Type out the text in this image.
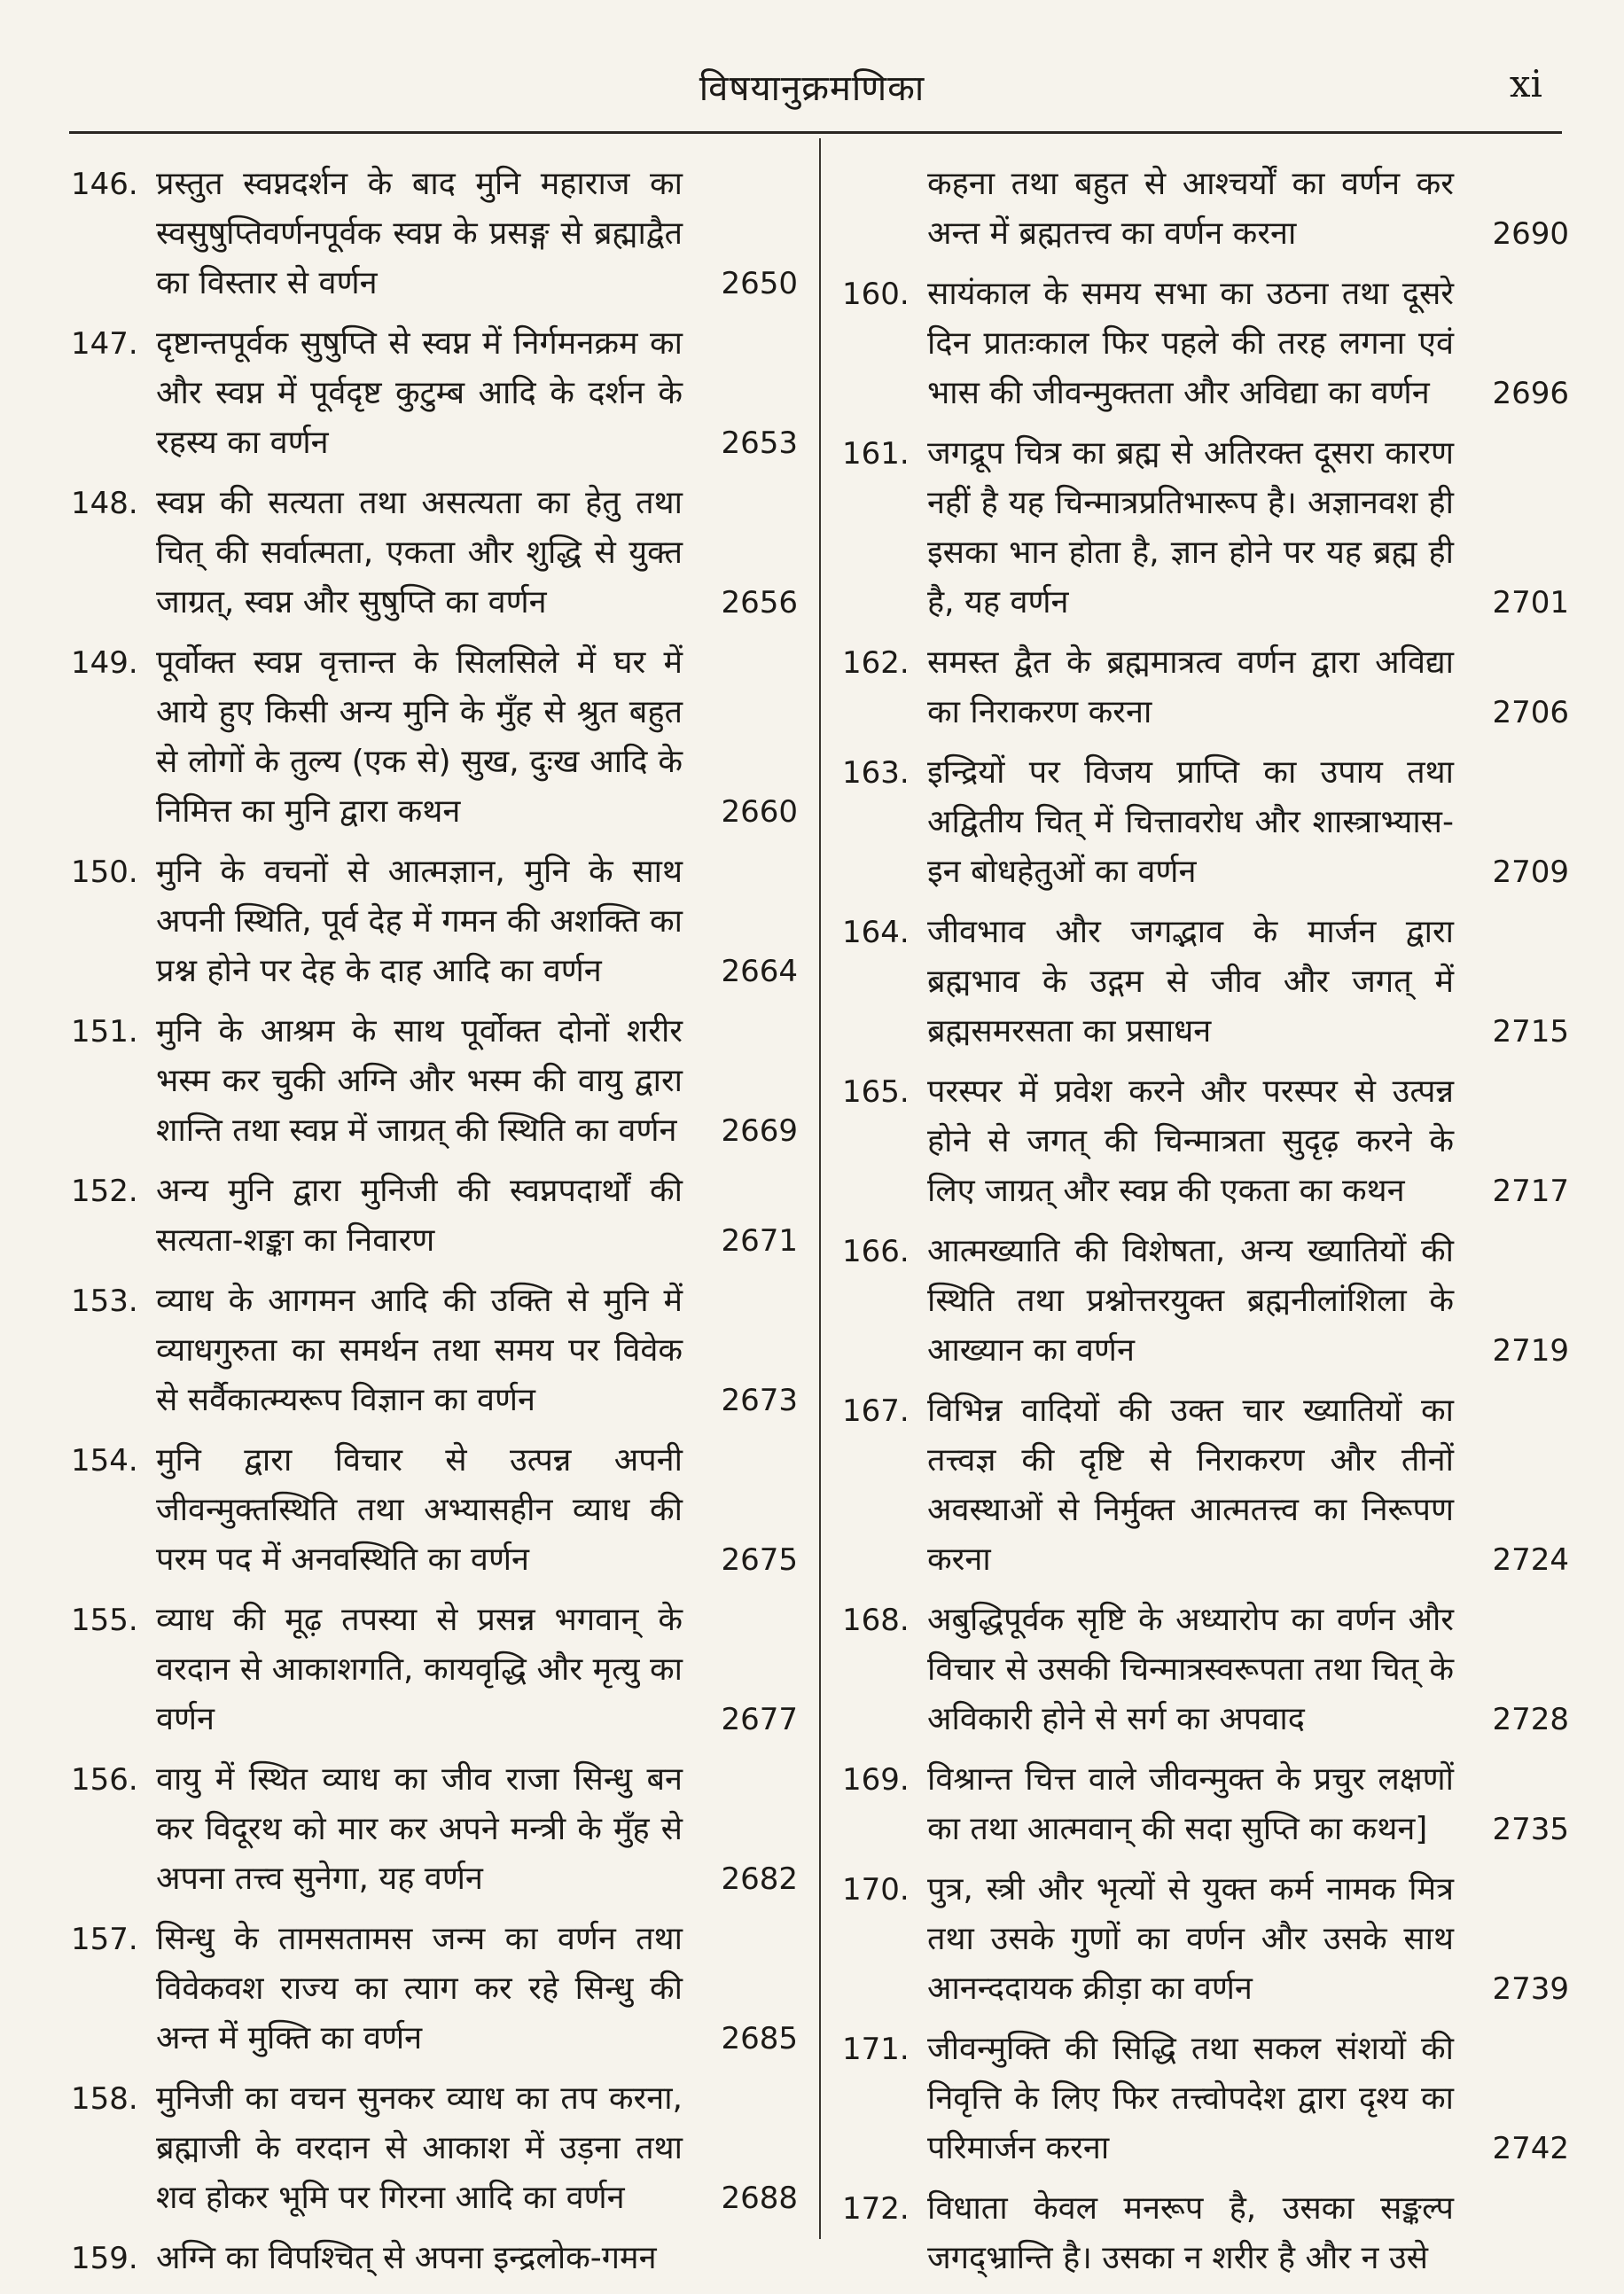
विषयानुक्रमणिका	xi
146. प्रस्तुत स्वप्नदर्शन के बाद मुनि महाराज का स्वसुषुप्तिवर्णनपूर्वक स्वप्न के प्रसङ्ग से ब्रह्माद्वैत का विस्तार से वर्णन	2650
147. दृष्टान्तपूर्वक सुषुप्ति से स्वप्न में निर्गमनक्रम का और स्वप्न में पूर्वदृष्ट कुटुम्ब आदि के दर्शन के रहस्य का वर्णन	2653
148. स्वप्न की सत्यता तथा असत्यता का हेतु तथा चित् की सर्वात्मता, एकता और शुद्धि से युक्त जाग्रत्, स्वप्न और सुषुप्ति का वर्णन	2656
149. पूर्वोक्त स्वप्न वृत्तान्त के सिलसिले में घर में आये हुए किसी अन्य मुनि के मुँह से श्रुत बहुत से लोगों के तुल्य (एक से) सुख, दुःख आदि के निमित्त का मुनि द्वारा कथन	2660
150. मुनि के वचनों से आत्मज्ञान, मुनि के साथ अपनी स्थिति, पूर्व देह में गमन की अशक्ति का प्रश्न होने पर देह के दाह आदि का वर्णन	2664
151. मुनि के आश्रम के साथ पूर्वोक्त दोनों शरीर भस्म कर चुकी अग्नि और भस्म की वायु द्वारा शान्ति तथा स्वप्न में जाग्रत् की स्थिति का वर्णन 2669
152. अन्य मुनि द्वारा मुनिजी की स्वप्नपदार्थों की सत्यता-शङ्का का निवारण	2671
153. व्याध के आगमन आदि की उक्ति से मुनि में व्याधगुरुता का समर्थन तथा समय पर विवेक से सर्वैकात्म्यरूप विज्ञान का वर्णन	2673
154. मुनि द्वारा विचार से उत्पन्न अपनी जीवन्मुक्तस्थिति तथा अभ्यासहीन व्याध की परम पद में अनवस्थिति का वर्णन	2675
155. व्याध की मूढ़ तपस्या से प्रसन्न भगवान् के वरदान से आकाशगति, कायवृद्धि और मृत्यु का वर्णन	2677
156. वायु में स्थित व्याध का जीव राजा सिन्धु बन कर विदूरथ को मार कर अपने मन्त्री के मुँह से अपना तत्त्व सुनेगा, यह वर्णन	2682
157. सिन्धु के तामसतामस जन्म का वर्णन तथा विवेकवश राज्य का त्याग कर रहे सिन्धु की अन्त में मुक्ति का वर्णन	2685
158. मुनिजी का वचन सुनकर व्याध का तप करना, ब्रह्माजी के वरदान से आकाश में उड़ना तथा शव होकर भूमि पर गिरना आदि का वर्णन	2688
159. अग्नि का विपश्चित् से अपना इन्द्रलोक-गमन
कहना तथा बहुत से आश्चर्यों का वर्णन कर अन्त में ब्रह्मतत्त्व का वर्णन करना	2690
160. सायंकाल के समय सभा का उठना तथा दूसरे दिन प्रातःकाल फिर पहले की तरह लगना एवं भास की जीवन्मुक्तता और अविद्या का वर्णन	2696
161. जगद्रूप चित्र का ब्रह्म से अतिरक्त दूसरा कारण नहीं है यह चिन्मात्रप्रतिभारूप है। अज्ञानवश ही इसका भान होता है, ज्ञान होने पर यह ब्रह्म ही है, यह वर्णन	2701
162. समस्त द्वैत के ब्रह्ममात्रत्व वर्णन द्वारा अविद्या का निराकरण करना	2706
163. इन्द्रियों पर विजय प्राप्ति का उपाय तथा अद्वितीय चित् में चित्तावरोध और शास्त्राभ्यास-इन बोधहेतुओं का वर्णन	2709
164. जीवभाव और जगद्भाव के मार्जन द्वारा ब्रह्मभाव के उद्गम से जीव और जगत् में ब्रह्मसमरसता का प्रसाधन	2715
165. परस्पर में प्रवेश करने और परस्पर से उत्पन्न होने से जगत् की चिन्मात्रता सुदृढ़ करने के लिए जाग्रत् और स्वप्न की एकता का कथन	2717
166. आत्मख्याति की विशेषता, अन्य ख्यातियों की स्थिति तथा प्रश्नोत्तरयुक्त ब्रह्मनीलांशिला के आख्यान का वर्णन	2719
167. विभिन्न वादियों की उक्त चार ख्यातियों का तत्त्वज्ञ की दृष्टि से निराकरण और तीनों अवस्थाओं से निर्मुक्त आत्मतत्त्व का निरूपण करना	2724
168. अबुद्धिपूर्वक सृष्टि के अध्यारोप का वर्णन और विचार से उसकी चिन्मात्रस्वरूपता तथा चित् के अविकारी होने से सर्ग का अपवाद	2728
169. विश्रान्त चित्त वाले जीवन्मुक्त के प्रचुर लक्षणों का तथा आत्मवान् की सदा सुप्ति का कथन]	2735
170. पुत्र, स्त्री और भृत्यों से युक्त कर्म नामक मित्र तथा उसके गुणों का वर्णन और उसके साथ आनन्ददायक क्रीड़ा का वर्णन	2739
171. जीवन्मुक्ति की सिद्धि तथा सकल संशयों की निवृत्ति के लिए फिर तत्त्वोपदेश द्वारा दृश्य का परिमार्जन करना	2742
172. विधाता केवल मनरूप है, उसका सङ्कल्प जगद्भ्रान्ति है। उसका न शरीर है और न उसे
